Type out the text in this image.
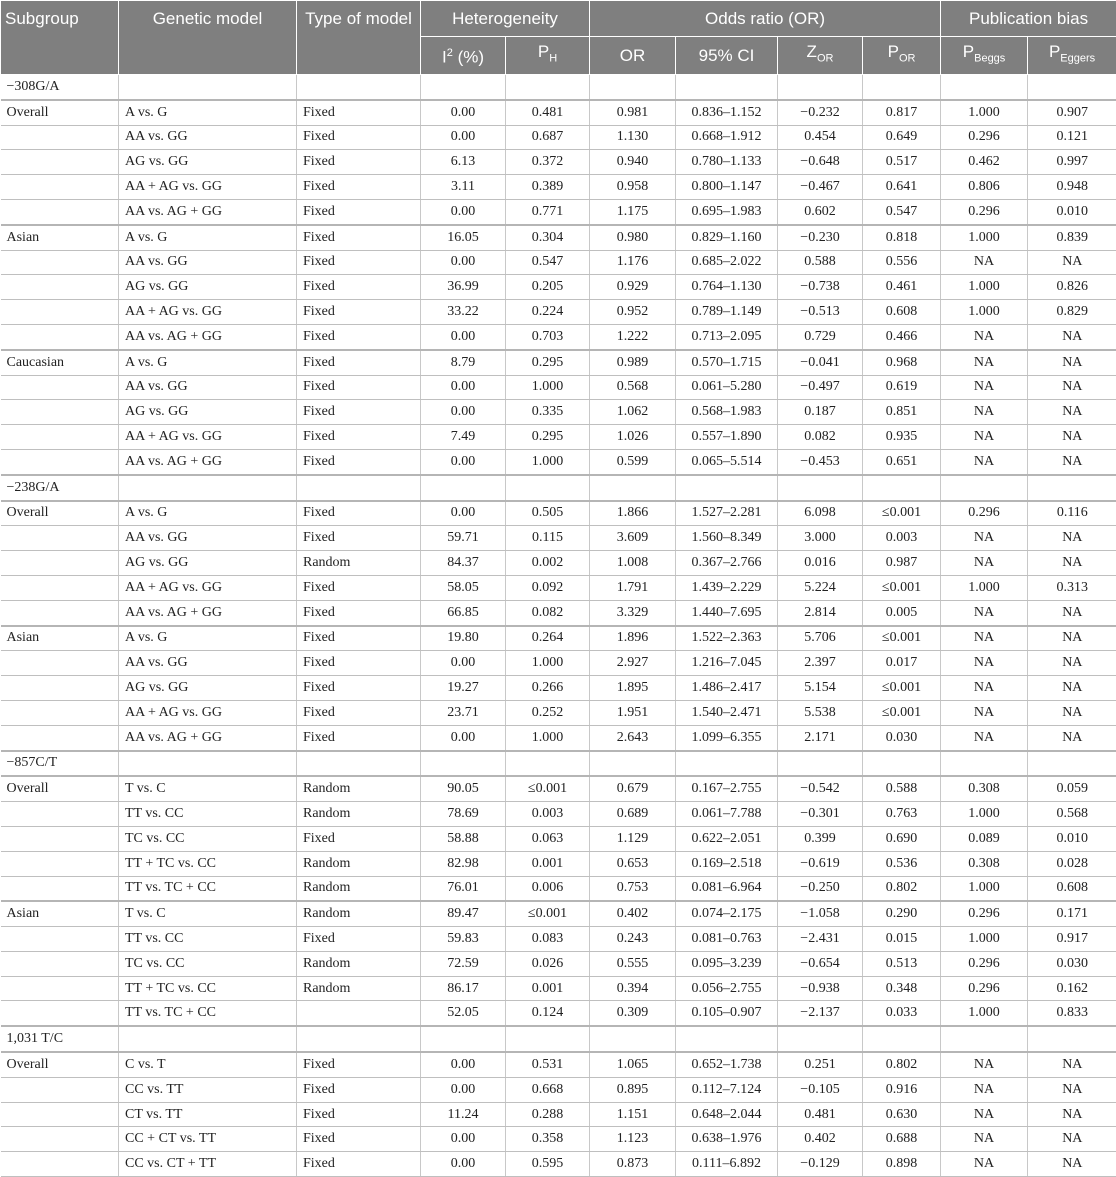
Subgroup	Genetic model	Type of model	Heterogeneity		Odds ratio (OR)				Publication bias	
			$I^2$ (%)	$P_H$	OR	95% CI	$Z_{OR}$	$P_{OR}$	$P_{Beggs}$	$P_{Eggers}$
−308G/A										
Overall	A vs. G	Fixed	0.00	0.481	0.981	0.836–1.152	−0.232	0.817	1.000	0.907
	AA vs. GG	Fixed	0.00	0.687	1.130	0.668–1.912	0.454	0.649	0.296	0.121
	AG vs. GG	Fixed	6.13	0.372	0.940	0.780–1.133	−0.648	0.517	0.462	0.997
	AA + AG vs. GG	Fixed	3.11	0.389	0.958	0.800–1.147	−0.467	0.641	0.806	0.948
	AA vs. AG + GG	Fixed	0.00	0.771	1.175	0.695–1.983	0.602	0.547	0.296	0.010
Asian	A vs. G	Fixed	16.05	0.304	0.980	0.829–1.160	−0.230	0.818	1.000	0.839
	AA vs. GG	Fixed	0.00	0.547	1.176	0.685–2.022	0.588	0.556	NA	NA
	AG vs. GG	Fixed	36.99	0.205	0.929	0.764–1.130	−0.738	0.461	1.000	0.826
	AA + AG vs. GG	Fixed	33.22	0.224	0.952	0.789–1.149	−0.513	0.608	1.000	0.829
	AA vs. AG + GG	Fixed	0.00	0.703	1.222	0.713–2.095	0.729	0.466	NA	NA
Caucasian	A vs. G	Fixed	8.79	0.295	0.989	0.570–1.715	−0.041	0.968	NA	NA
	AA vs. GG	Fixed	0.00	1.000	0.568	0.061–5.280	−0.497	0.619	NA	NA
	AG vs. GG	Fixed	0.00	0.335	1.062	0.568–1.983	0.187	0.851	NA	NA
	AA + AG vs. GG	Fixed	7.49	0.295	1.026	0.557–1.890	0.082	0.935	NA	NA
	AA vs. AG + GG	Fixed	0.00	1.000	0.599	0.065–5.514	−0.453	0.651	NA	NA
−238G/A										
Overall	A vs. G	Fixed	0.00	0.505	1.866	1.527–2.281	6.098	≤0.001	0.296	0.116
	AA vs. GG	Fixed	59.71	0.115	3.609	1.560–8.349	3.000	0.003	NA	NA
	AG vs. GG	Random	84.37	0.002	1.008	0.367–2.766	0.016	0.987	NA	NA
	AA + AG vs. GG	Fixed	58.05	0.092	1.791	1.439–2.229	5.224	≤0.001	1.000	0.313
	AA vs. AG + GG	Fixed	66.85	0.082	3.329	1.440–7.695	2.814	0.005	NA	NA
Asian	A vs. G	Fixed	19.80	0.264	1.896	1.522–2.363	5.706	≤0.001	NA	NA
	AA vs. GG	Fixed	0.00	1.000	2.927	1.216–7.045	2.397	0.017	NA	NA
	AG vs. GG	Fixed	19.27	0.266	1.895	1.486–2.417	5.154	≤0.001	NA	NA
	AA + AG vs. GG	Fixed	23.71	0.252	1.951	1.540–2.471	5.538	≤0.001	NA	NA
	AA vs. AG + GG	Fixed	0.00	1.000	2.643	1.099–6.355	2.171	0.030	NA	NA
−857C/T										
Overall	T vs. C	Random	90.05	≤0.001	0.679	0.167–2.755	−0.542	0.588	0.308	0.059
	TT vs. CC	Random	78.69	0.003	0.689	0.061–7.788	−0.301	0.763	1.000	0.568
	TC vs. CC	Fixed	58.88	0.063	1.129	0.622–2.051	0.399	0.690	0.089	0.010
	TT + TC vs. CC	Random	82.98	0.001	0.653	0.169–2.518	−0.619	0.536	0.308	0.028
	TT vs. TC + CC	Random	76.01	0.006	0.753	0.081–6.964	−0.250	0.802	1.000	0.608
Asian	T vs. C	Random	89.47	≤0.001	0.402	0.074–2.175	−1.058	0.290	0.296	0.171
	TT vs. CC	Fixed	59.83	0.083	0.243	0.081–0.763	−2.431	0.015	1.000	0.917
	TC vs. CC	Random	72.59	0.026	0.555	0.095–3.239	−0.654	0.513	0.296	0.030
	TT + TC vs. CC	Random	86.17	0.001	0.394	0.056–2.755	−0.938	0.348	0.296	0.162
	TT vs. TC + CC		52.05	0.124	0.309	0.105–0.907	−2.137	0.033	1.000	0.833
1,031 T/C										
Overall	C vs. T	Fixed	0.00	0.531	1.065	0.652–1.738	0.251	0.802	NA	NA
	CC vs. TT	Fixed	0.00	0.668	0.895	0.112–7.124	−0.105	0.916	NA	NA
	CT vs. TT	Fixed	11.24	0.288	1.151	0.648–2.044	0.481	0.630	NA	NA
	CC + CT vs. TT	Fixed	0.00	0.358	1.123	0.638–1.976	0.402	0.688	NA	NA
	CC vs. CT + TT	Fixed	0.00	0.595	0.873	0.111–6.892	−0.129	0.898	NA	NA
